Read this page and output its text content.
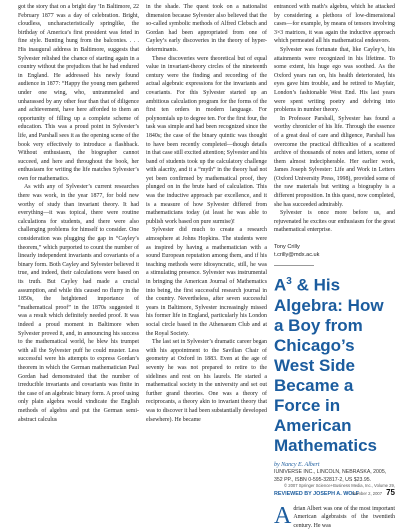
got the story that on a bright day ‘In Baltimore, 22 February 1877 was a day of celebration. Bright, cloudless, uncharacteristically springlike, the birthday of America’s first president was feted in fine style. Bunting hung from the balconies. . . . His inaugural address in Baltimore, suggests that Sylvester relished the chance of starting again in a country without the prejudices that he had endured in England. He addressed his newly found audience in 1877: “Happy the young men gathered under one wing, who, untrammeled and unharassed by any other fear than that of diligence and achievement, have here afforded to them an opportunity of filling up a complete scheme of education. This was a proud point in Sylvester’s life, and Parshall sees it as the opening scene of the book very effectively to introduce a flashback. Without enthusiasm, the biographer cannot succeed, and here and throughout the book, her enthusiasm for writing the life matches Sylvester’s own for mathematics.

As with any of Sylvester’s current researches there was work, in the year 1877, for bold new worthy of study than invariant theory. It had everything—it was topical, there were routine calculations for students, and there were also challenging problems for himself to consider. One consideration was plugging the gap in “Cayley’s theorem,” which purported to count the number of linearly independent invariants and covariants of a binary form. Both Cayley and Sylvester believed it true, and indeed, their calculations were based on its truth. But Cayley had made a crucial assumption, and while this caused no flurry in the 1850s, the heightened importance of “mathematical proof” in the 1870s suggested it was a result which definitely needed proof. It was indeed a proud moment in Baltimore when Sylvester proved it, and, in announcing his success to the mathematical world, he blew his trumpet with all the Sylvester puff he could muster. Less successful were his attempts to express Gordan’s theorem in which the German mathematician Paul Gordan had demonstrated that the number of irreducible invariants and covariants was finite in the case of an algebraic binary form. A proof using only plain algebra would vindicate the English methods of algebra and put the German semi-abstract calculus

in the shade. The quest took on a nationalist dimension because Sylvester also believed that the so-called symbolic methods of Alfred Clebsch and Gordan had been appropriated from one of Cayley’s early discoveries in the theory of hyper-determinants.

These discoveries were theoretical but of equal value in invariant-theory circles of the nineteenth century were the finding and recording of the actual algebraic expressions for the invariants and covariants. For this Sylvester started up an ambitious calculation program for the forms of the first ten orders in modern language. For polynomials up to degree ten. For the first four, the task was simple and had been recognized since the 1840s; the case of the binary quintic was thought to have been recently completed—though details in that case still excited attention; Sylvester and his band of students took up the calculatory challenge with alacrity, and it a “myth” in the theory had not yet been confirmed by mathematical proof, they plunged on in the brute hard of calculation. This was the inductive approach par excellence, and it is a measure of how Sylvester differed from mathematicians today (at least he was able to publish work based on pure surmise)!

Sylvester did much to create a research atmosphere at Johns Hopkins. The students were as inspired by having a mathematician with a sound European reputation among them, and if his teaching methods were idiosyncratic, still, he was a stimulating presence. Sylvester was instrumental in bringing the American Journal of Mathematics into being, the first successful research journal in the country. Nevertheless, after seven successful years in Baltimore, Sylvester increasingly missed his former life in England, particularly his London social circle based in the Athenaeum Club and at the Royal Society.

The last set in Sylvester’s dramatic career began with his appointment to the Savilian Chair of geometry at Oxford in 1883. Even at the age of seventy he was not prepared to retire to the sidelines and rest on his laurels. He started a mathematical society in the university and set out further grand theories. One was a theory of reciprocants, a theory akin to invariant theory that was to discover it had been substantially developed elsewhere). He became

entranced with math’s algebra, which he attacked by considering a plethora of low-dimensional cases—for example, by means of tensors involving 3×3 matrices, it was again the inductive approach which permeated all his mathematical endeavors.

Sylvester was fortunate that, like Cayley’s, his attainments were recognized in his lifetime. To some extent, his huge ego was soothed. As the Oxford years ran on, his health deteriorated, his eyes gave him trouble, and he retired to Mayfair, London’s fashionable West End. His last years were spent writing poetry and delving into problems in number theory.

In Professor Parshall, Sylvester has found a worthy chronicler of his life. Through the essence of a great deal of care and diligence, Parshall has overcome the practical difficulties of a scattered archive of thousands of notes and letters, some of them almost indecipherable. Her earlier work, James Joseph Sylvester: Life and Work in Letters (Oxford University Press, 1998), provided some of the raw materials but writing a biography is a different proposition. In this quest, now completed, she has succeeded admirably.

Sylvester is once more before us, and rejuvenated he excites our enthusiasm for the great mathematical enterprise.

Tony Crilly
t.crilly@mdx.ac.uk
$A^3$ & His Algebra: How a Boy from Chicago’s West Side Became a Force in American Mathematics
by Nancy E. Albert
IUNIVERSE INC., LINCOLN, NEBRASKA, 2005, 352 PP., ISBN 0-595-32817-2, US $23.95.
REVIEWED BY JOSEPH A. WOLF

Adrian Albert was one of the most important American algebraists of the twentieth century. He was

© 2007 Springer Science+Business Media, Inc., Volume 29, Number 2, 2007 75
